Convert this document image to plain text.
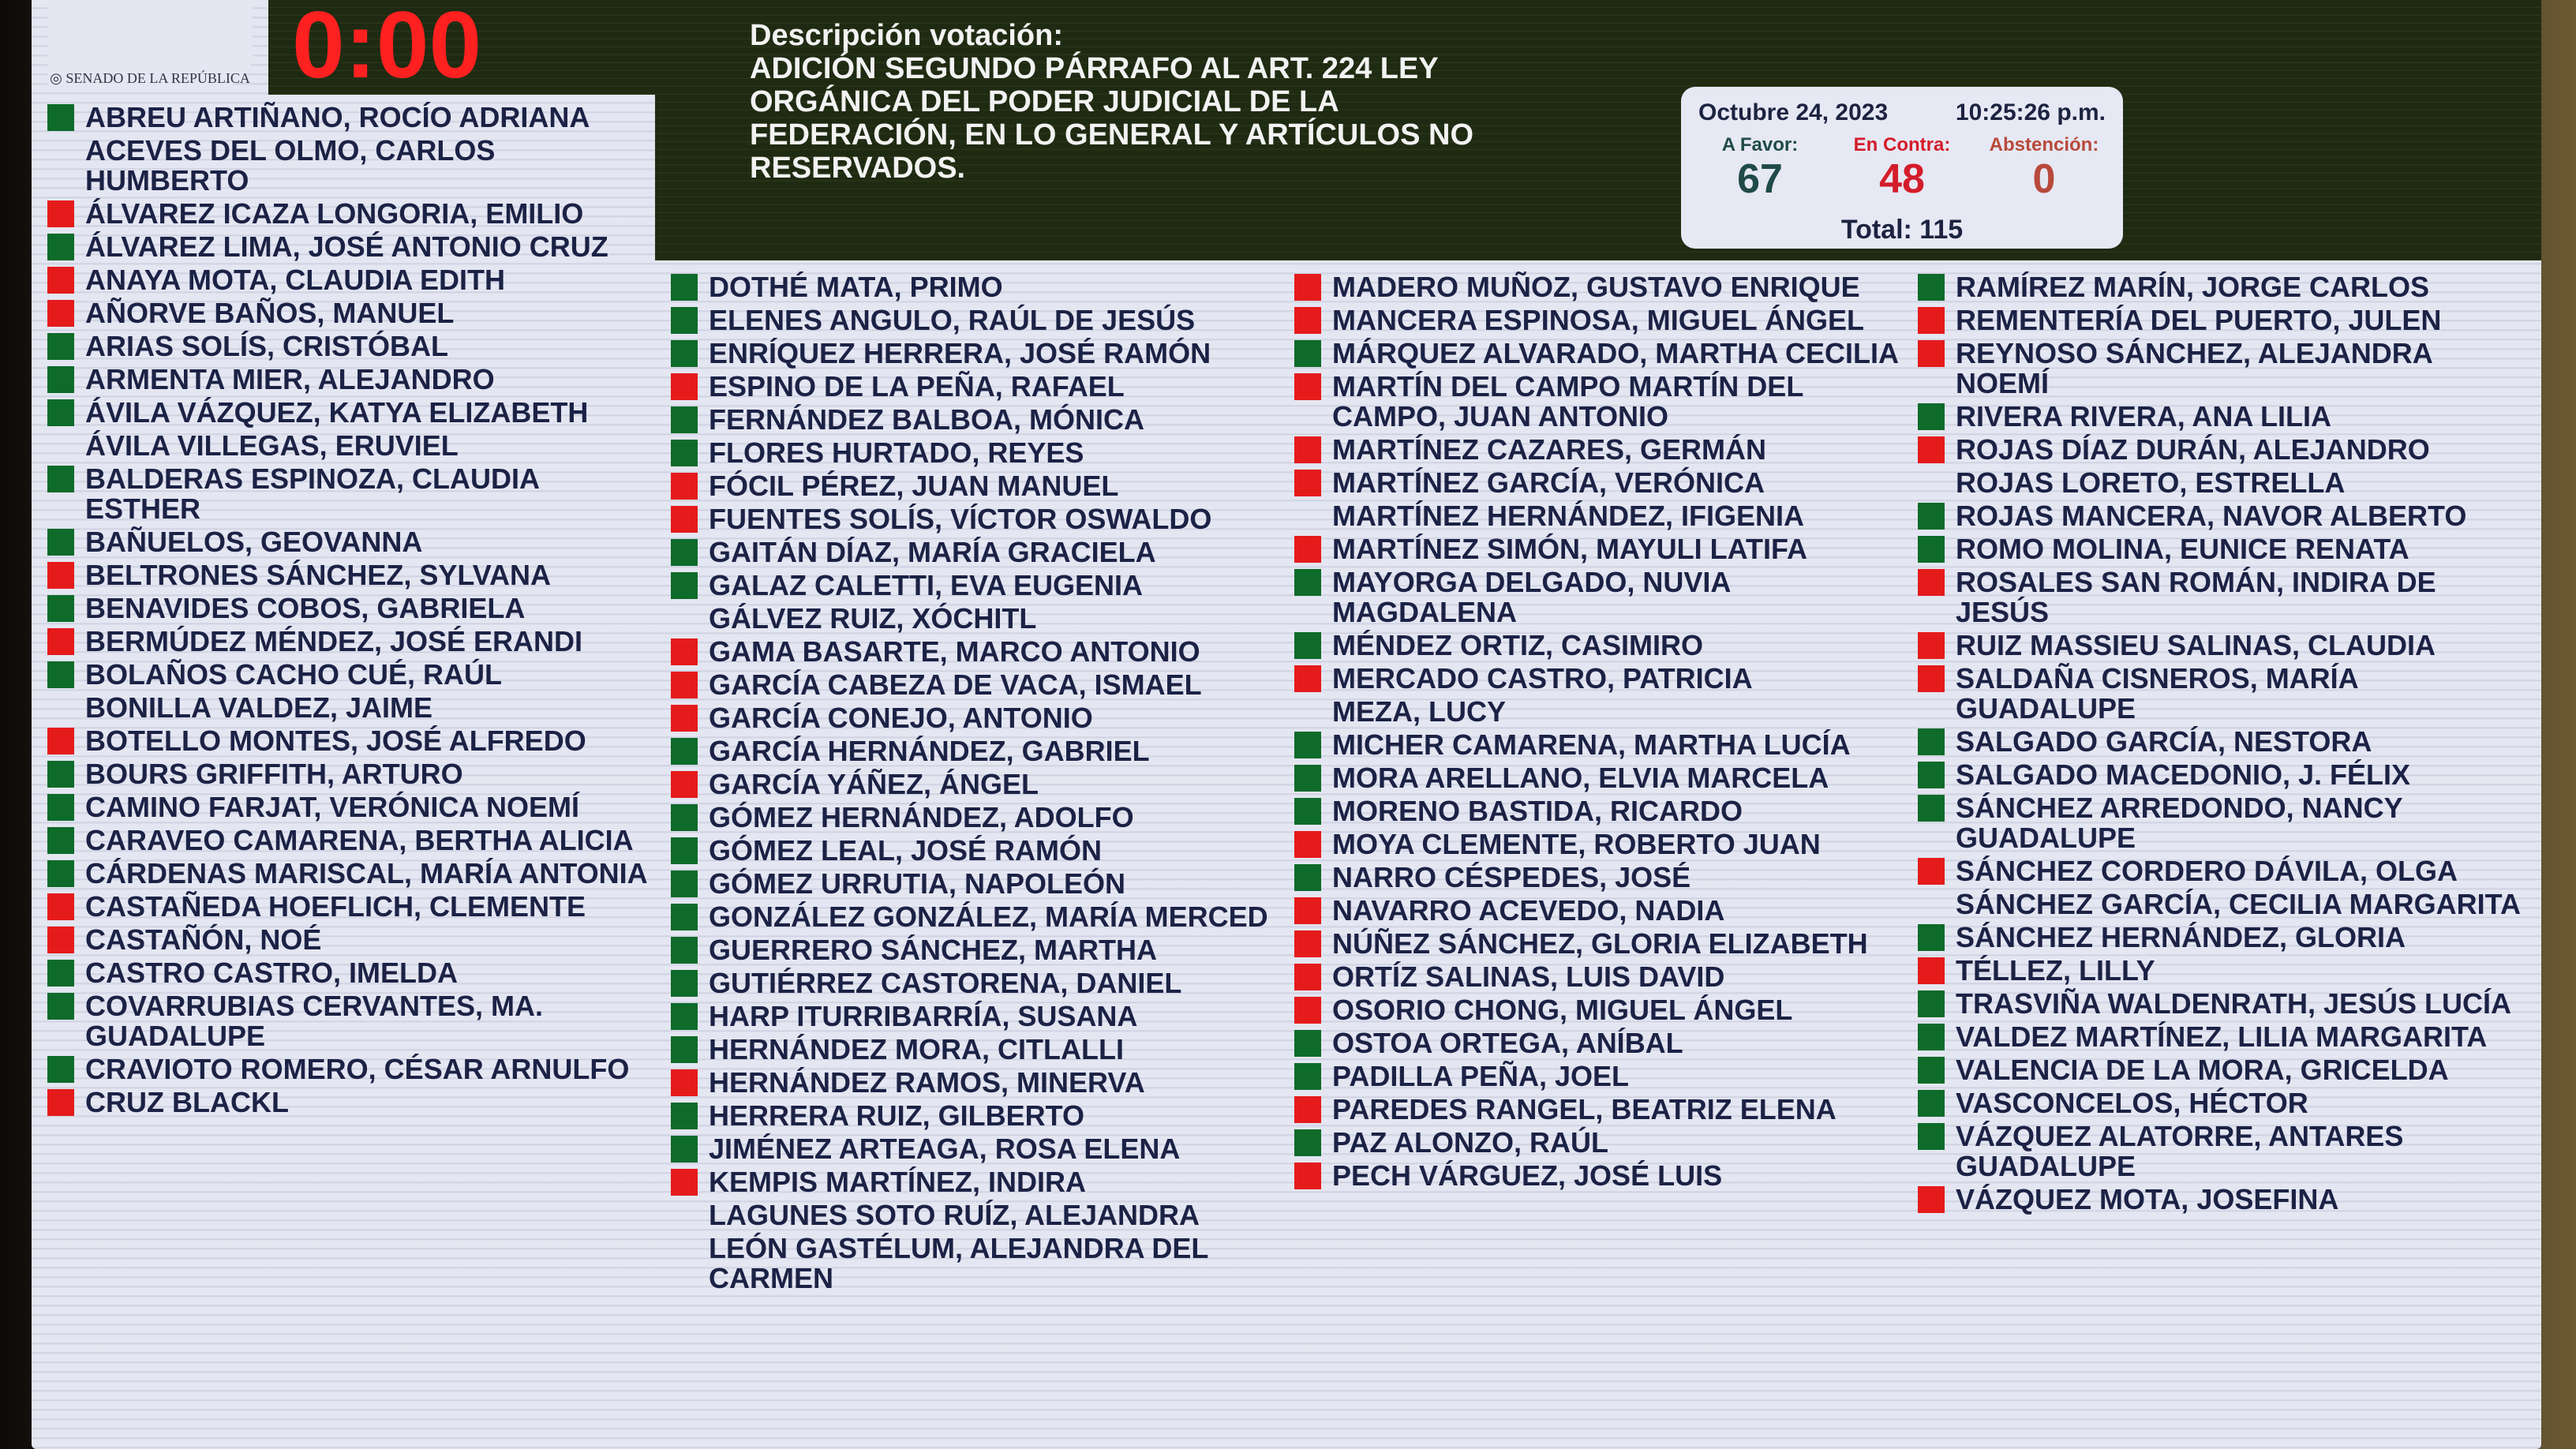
◎ SENADO DE LA REPÚBLICA 0:00	Descripción votación:
ADICIÓN SEGUNDO PÁRRAFO AL ART. 224 LEY ORGÁNICA DEL PODER JUDICIAL DE LA FEDERACIÓN, EN LO GENERAL Y ARTÍCULOS NO RESERVADOS.
Octubre 24, 2023	10:25:26 p.m.
A Favor:
67
En Contra:
48
Abstención:
0
Total: 115
ABREU ARTIÑANO, ROCÍO ADRIANA
ACEVES DEL OLMO, CARLOS HUMBERTO
ÁLVAREZ ICAZA LONGORIA, EMILIO
ÁLVAREZ LIMA, JOSÉ ANTONIO CRUZ
ANAYA MOTA, CLAUDIA EDITH
AÑORVE BAÑOS, MANUEL
ARIAS SOLÍS, CRISTÓBAL
ARMENTA MIER, ALEJANDRO
ÁVILA VÁZQUEZ, KATYA ELIZABETH
ÁVILA VILLEGAS, ERUVIEL
BALDERAS ESPINOZA, CLAUDIA ESTHER
BAÑUELOS, GEOVANNA
BELTRONES SÁNCHEZ, SYLVANA
BENAVIDES COBOS, GABRIELA
BERMÚDEZ MÉNDEZ, JOSÉ ERANDI
BOLAÑOS CACHO CUÉ, RAÚL
BONILLA VALDEZ, JAIME
BOTELLO MONTES, JOSÉ ALFREDO
BOURS GRIFFITH, ARTURO
CAMINO FARJAT, VERÓNICA NOEMÍ
CARAVEO CAMARENA, BERTHA ALICIA
CÁRDENAS MARISCAL, MARÍA ANTONIA
CASTAÑEDA HOEFLICH, CLEMENTE
CASTAÑÓN, NOÉ
CASTRO CASTRO, IMELDA
COVARRUBIAS CERVANTES, MA. GUADALUPE
CRAVIOTO ROMERO, CÉSAR ARNULFO
CRUZ BLACKL
DOTHÉ MATA, PRIMO
ELENES ANGULO, RAÚL DE JESÚS
ENRÍQUEZ HERRERA, JOSÉ RAMÓN
ESPINO DE LA PEÑA, RAFAEL
FERNÁNDEZ BALBOA, MÓNICA
FLORES HURTADO, REYES
FÓCIL PÉREZ, JUAN MANUEL
FUENTES SOLÍS, VÍCTOR OSWALDO
GAITÁN DÍAZ, MARÍA GRACIELA
GALAZ CALETTI, EVA EUGENIA
GÁLVEZ RUIZ, XÓCHITL
GAMA BASARTE, MARCO ANTONIO
GARCÍA CABEZA DE VACA, ISMAEL
GARCÍA CONEJO, ANTONIO
GARCÍA HERNÁNDEZ, GABRIEL
GARCÍA YÁÑEZ, ÁNGEL
GÓMEZ HERNÁNDEZ, ADOLFO
GÓMEZ LEAL, JOSÉ RAMÓN
GÓMEZ URRUTIA, NAPOLEÓN
GONZÁLEZ GONZÁLEZ, MARÍA MERCED
GUERRERO SÁNCHEZ, MARTHA
GUTIÉRREZ CASTORENA, DANIEL
HARP ITURRIBARRÍA, SUSANA
HERNÁNDEZ MORA, CITLALLI
HERNÁNDEZ RAMOS, MINERVA
HERRERA RUIZ, GILBERTO
JIMÉNEZ ARTEAGA, ROSA ELENA
KEMPIS MARTÍNEZ, INDIRA
LAGUNES SOTO RUÍZ, ALEJANDRA
LEÓN GASTÉLUM, ALEJANDRA DEL CARMEN
MADERO MUÑOZ, GUSTAVO ENRIQUE
MANCERA ESPINOSA, MIGUEL ÁNGEL
MÁRQUEZ ALVARADO, MARTHA CECILIA
MARTÍN DEL CAMPO MARTÍN DEL CAMPO, JUAN ANTONIO
MARTÍNEZ CAZARES, GERMÁN
MARTÍNEZ GARCÍA, VERÓNICA
MARTÍNEZ HERNÁNDEZ, IFIGENIA
MARTÍNEZ SIMÓN, MAYULI LATIFA
MAYORGA DELGADO, NUVIA MAGDALENA
MÉNDEZ ORTIZ, CASIMIRO
MERCADO CASTRO, PATRICIA
MEZA, LUCY
MICHER CAMARENA, MARTHA LUCÍA
MORA ARELLANO, ELVIA MARCELA
MORENO BASTIDA, RICARDO
MOYA CLEMENTE, ROBERTO JUAN
NARRO CÉSPEDES, JOSÉ
NAVARRO ACEVEDO, NADIA
NÚÑEZ SÁNCHEZ, GLORIA ELIZABETH
ORTÍZ SALINAS, LUIS DAVID
OSORIO CHONG, MIGUEL ÁNGEL
OSTOA ORTEGA, ANÍBAL
PADILLA PEÑA, JOEL
PAREDES RANGEL, BEATRIZ ELENA
PAZ ALONZO, RAÚL
PECH VÁRGUEZ, JOSÉ LUIS
RAMÍREZ MARÍN, JORGE CARLOS
REMENTERÍA DEL PUERTO, JULEN
REYNOSO SÁNCHEZ, ALEJANDRA NOEMÍ
RIVERA RIVERA, ANA LILIA
ROJAS DÍAZ DURÁN, ALEJANDRO
ROJAS LORETO, ESTRELLA
ROJAS MANCERA, NAVOR ALBERTO
ROMO MOLINA, EUNICE RENATA
ROSALES SAN ROMÁN, INDIRA DE JESÚS
RUIZ MASSIEU SALINAS, CLAUDIA
SALDAÑA CISNEROS, MARÍA GUADALUPE
SALGADO GARCÍA, NESTORA
SALGADO MACEDONIO, J. FÉLIX
SÁNCHEZ ARREDONDO, NANCY GUADALUPE
SÁNCHEZ CORDERO DÁVILA, OLGA
SÁNCHEZ GARCÍA, CECILIA MARGARITA
SÁNCHEZ HERNÁNDEZ, GLORIA
TÉLLEZ, LILLY
TRASVIÑA WALDENRATH, JESÚS LUCÍA
VALDEZ MARTÍNEZ, LILIA MARGARITA
VALENCIA DE LA MORA, GRICELDA
VASCONCELOS, HÉCTOR
VÁZQUEZ ALATORRE, ANTARES GUADALUPE
VÁZQUEZ MOTA, JOSEFINA
